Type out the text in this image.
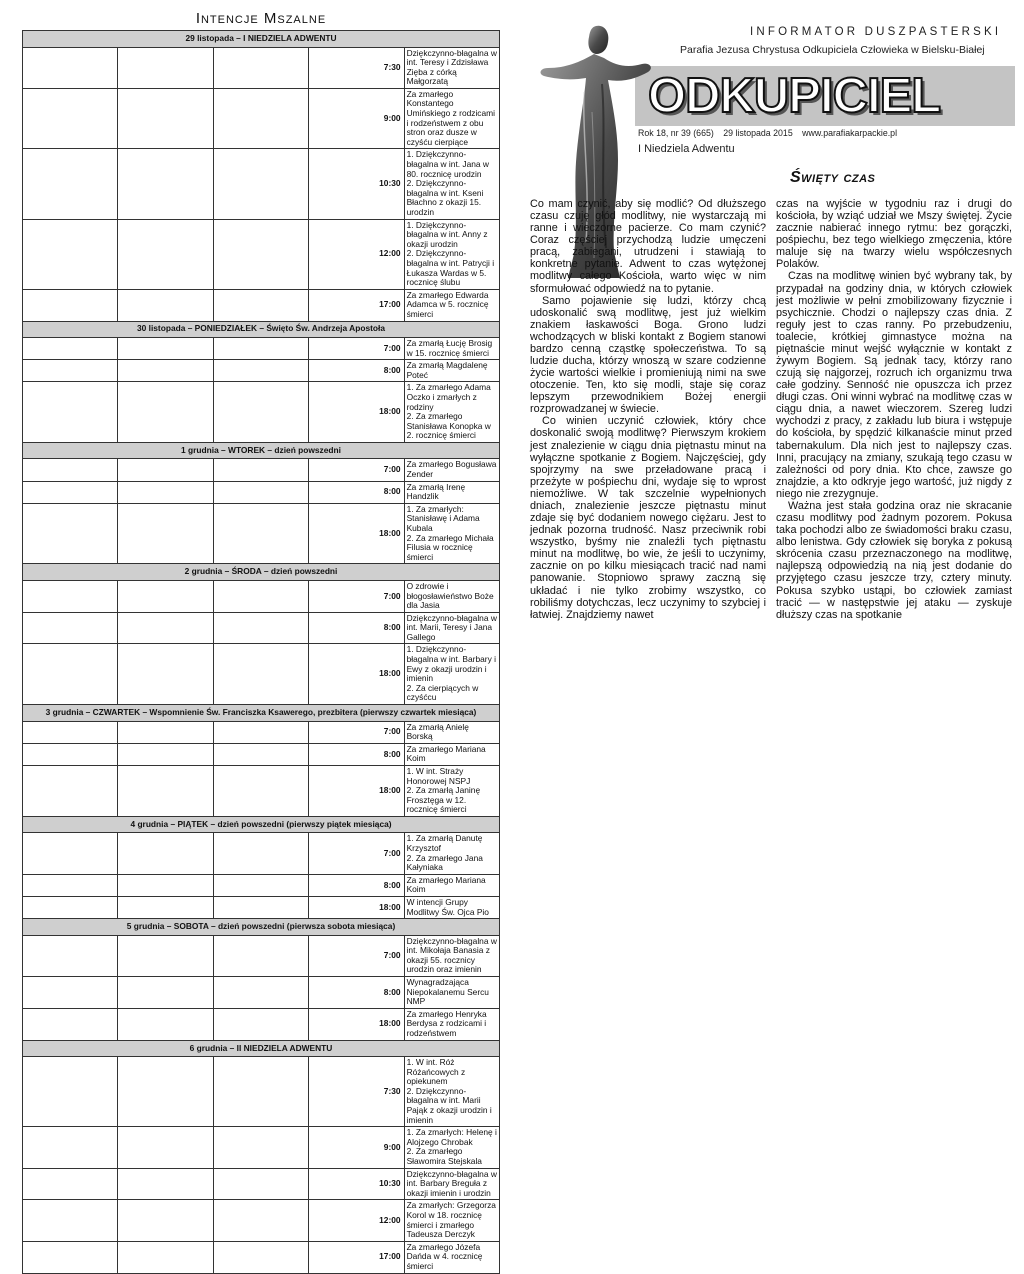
Intencje Mszalne
29 listopada – I NIEDZIELA ADWENTU				
			7:30	Dziękczynno-błagalna w int. Teresy i Zdzisława Zięba z córką Małgorzatą
			9:00	Za zmarłego Konstantego Umińskiego z rodzicami i rodzeństwem z obu stron oraz dusze w czyśću cierpiące
			10:30	1. Dziękczynno-błagalna w int. Jana w 80. rocznicę urodzin
2. Dziękczynno-błagalna w int. Kseni Błachno z okazji 15. urodzin
			12:00	1. Dziękczynno-błagalna w int. Anny z okazji urodzin
2. Dziękczynno-błagalna w int. Patrycji i Łukasza Wardas w 5. rocznicę ślubu
			17:00	Za zmarłego Edwarda Adamca w 5. rocznicę śmierci
30 listopada – PONIEDZIAŁEK – Święto Św. Andrzeja Apostoła				
			7:00	Za zmarłą Łucję Brosig w 15. rocznicę śmierci
			8:00	Za zmarłą Magdalenę Poteć
			18:00	1. Za zmarłego Adama Oczko i zmarłych z rodziny
2. Za zmarłego Stanisława Konopka w 2. rocznicę śmierci
1 grudnia – WTOREK – dzień powszedni				
			7:00	Za zmarłego Bogusława Zender
			8:00	Za zmarłą Irenę Handzlik
			18:00	1. Za zmarłych: Stanisławę i Adama Kubala
2. Za zmarłego Michała Filusia w rocznicę śmierci
2 grudnia – ŚRODA – dzień powszedni				
			7:00	O zdrowie i błogosławieństwo Boże dla Jasia
			8:00	Dziękczynno-błagalna w int. Marii, Teresy i Jana Gallego
			18:00	1. Dziękczynno-błagalna w int. Barbary i Ewy z okazji urodzin i imienin
2. Za cierpiących w czyśćcu
3 grudnia – CZWARTEK – Wspomnienie Św. Franciszka Ksawerego, prezbitera (pierwszy czwartek miesiąca)				
			7:00	Za zmarłą Anielę Borską
			8:00	Za zmarłego Mariana Koim
			18:00	1. W int. Straży Honorowej NSPJ
2. Za zmarłą Janinę Frosztęga w 12. rocznicę śmierci
4 grudnia – PIĄTEK – dzień powszedni (pierwszy piątek miesiąca)				
			7:00	1. Za zmarłą Danutę Krzysztof
2. Za zmarłego Jana Kałyniaka
			8:00	Za zmarłego Mariana Koim
			18:00	W intencji Grupy Modlitwy Św. Ojca Pio
5 grudnia – SOBOTA – dzień powszedni (pierwsza sobota miesiąca)				
			7:00	Dziękczynno-błagalna w int. Mikołaja Banasia z okazji 55. rocznicy urodzin oraz imienin
			8:00	Wynagradzająca Niepokalanemu Sercu NMP
			18:00	Za zmarłego Henryka Berdysa z rodzicami i rodzeństwem
6 grudnia – II NIEDZIELA ADWENTU				
			7:30	1. W int. Róż Różańcowych z opiekunem
2. Dziękczynno-błagalna w int. Marii Pająk z okazji urodzin i imienin
			9:00	1. Za zmarłych: Helenę i Alojzego Chrobak
2. Za zmarłego Sławomira Stejskala
			10:30	Dziękczynno-błagalna w int. Barbary Breguła z okazji imienin i urodzin
			12:00	Za zmarłych: Grzegorza Korol w 18. rocznicę śmierci i zmarłego Tadeusza Derczyk
			17:00	Za zmarłego Józefa Dańda w 4. rocznicę śmierci
INFORMATOR DUSZPASTERSKI
Parafia Jezusa Chrystusa Odkupiciela Człowieka w Bielsku-Białej
ODKUPICIEL
Rok 18, nr 39 (665) 29 listopada 2015 www.parafiakarpackie.pl
I Niedziela Adwentu
Święty czas

Co mam czynić, aby się modlić? Od dłuższego czasu czuję głód modlitwy, nie wystarczają mi ranne i wieczorne pacierze. Co mam czynić? Coraz częściej przychodzą ludzie umęczeni pracą, zabiegani, utrudzeni i stawiają to konkretne pytanie. Adwent to czas wytężonej modlitwy całego Kościoła, warto więc w nim sformułować odpowiedź na to pytanie.

Samo pojawienie się ludzi, którzy chcą udoskonalić swą modlitwę, jest już wielkim znakiem łaskawości Boga. Grono ludzi wchodzących w bliski kontakt z Bogiem stanowi bardzo cenną cząstkę społeczeństwa. To są ludzie ducha, którzy wnoszą w szare codzienne życie wartości wielkie i promieniują nimi na swe otoczenie. Ten, kto się modli, staje się coraz lepszym przewodnikiem Bożej energii rozprowadzanej w świecie.

Co winien uczynić człowiek, który chce doskonalić swoją modlitwę? Pierwszym krokiem jest znalezienie w ciągu dnia piętnastu minut na wyłączne spotkanie z Bogiem. Najczęściej, gdy spojrzymy na swe przeładowane pracą i przeżyte w pośpiechu dni, wydaje się to wprost niemożliwe. W tak szczelnie wypełnionych dniach, znalezienie jeszcze piętnastu minut zdaje się być dodaniem nowego ciężaru. Jest to jednak pozorna trudność. Nasz przeciwnik robi wszystko, byśmy nie znaleźli tych piętnastu minut na modlitwę, bo wie, że jeśli to uczynimy, zacznie on po kilku miesiącach tracić nad nami panowanie. Stopniowo sprawy zaczną się układać i nie tylko zrobimy wszystko, co robiliśmy dotychczas, lecz uczynimy to szybciej i łatwiej. Znajdziemy nawet

czas na wyjście w tygodniu raz i drugi do kościoła, by wziąć udział we Mszy świętej. Życie zacznie nabierać innego rytmu: bez gorączki, pośpiechu, bez tego wielkiego zmęczenia, które maluje się na twarzy wielu współczesnych Polaków.

Czas na modlitwę winien być wybrany tak, by przypadał na godziny dnia, w których człowiek jest możliwie w pełni zmobilizowany fizycznie i psychicznie. Chodzi o najlepszy czas dnia. Z reguły jest to czas ranny. Po przebudzeniu, toalecie, krótkiej gimnastyce można na piętnaście minut wejść wyłącznie w kontakt z żywym Bogiem. Są jednak tacy, którzy rano czują się najgorzej, rozruch ich organizmu trwa całe godziny. Senność nie opuszcza ich przez długi czas. Oni winni wybrać na modlitwę czas w ciągu dnia, a nawet wieczorem. Szereg ludzi wychodzi z pracy, z zakładu lub biura i wstępuje do kościoła, by spędzić kilkanaście minut przed tabernakulum. Dla nich jest to najlepszy czas. Inni, pracujący na zmiany, szukają tego czasu w zależności od pory dnia. Kto chce, zawsze go znajdzie, a kto odkryje jego wartość, już nigdy z niego nie zrezygnuje.

Ważna jest stała godzina oraz nie skracanie czasu modlitwy pod żadnym pozorem. Pokusa taka pochodzi albo ze świadomości braku czasu, albo lenistwa. Gdy człowiek się boryka z pokusą skrócenia czasu przeznaczonego na modlitwę, najlepszą odpowiedzią na nią jest dodanie do przyjętego czasu jeszcze trzy, cztery minuty. Pokusa szybko ustąpi, bo człowiek zamiast tracić — w następstwie jej ataku — zyskuje dłuższy czas na spotkanie
